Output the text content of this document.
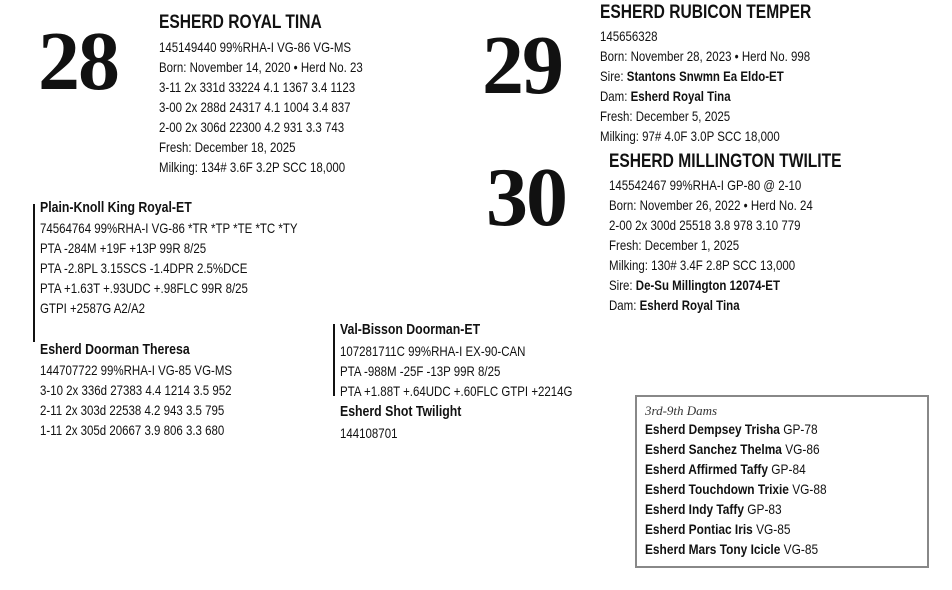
28 ESHERD ROYAL TINA
145149440 99%RHA-I VG-86 VG-MS
Born: November 14, 2020 • Herd No. 23
3-11 2x 331d 33224 4.1 1367 3.4 1123
3-00 2x 288d 24317 4.1 1004 3.4 837
2-00 2x 306d 22300 4.2 931 3.3 743
Fresh: December 18, 2025
Milking: 134# 3.6F 3.2P SCC 18,000
Plain-Knoll King Royal-ET
74564764 99%RHA-I VG-86 *TR *TP *TE *TC *TY
PTA -284M +19F +13P 99R 8/25
PTA -2.8PL 3.15SCS -1.4DPR 2.5%DCE
PTA +1.63T +.93UDC +.98FLC 99R 8/25
GTPI +2587G A2/A2
Esherd Doorman Theresa
144707722 99%RHA-I VG-85 VG-MS
3-10 2x 336d 27383 4.4 1214 3.5 952
2-11 2x 303d 22538 4.2 943 3.5 795
1-11 2x 305d 20667 3.9 806 3.3 680
Val-Bisson Doorman-ET
107281711C 99%RHA-I EX-90-CAN
PTA -988M -25F -13P 99R 8/25
PTA +1.88T +.64UDC +.60FLC GTPI +2214G
Esherd Shot Twilight
144108701
29
ESHERD RUBICON TEMPER
145656328
Born: November 28, 2023 • Herd No. 998
Sire: Stantons Snwmn Ea Eldo-ET
Dam: Esherd Royal Tina
Fresh: December 5, 2025
Milking: 97# 4.0F 3.0P SCC 18,000
30 ESHERD MILLINGTON TWILITE
145542467 99%RHA-I GP-80 @ 2-10
Born: November 26, 2022 • Herd No. 24
2-00 2x 300d 25518 3.8 978 3.10 779
Fresh: December 1, 2025
Milking: 130# 3.4F 2.8P SCC 13,000
Sire: De-Su Millington 12074-ET
Dam: Esherd Royal Tina
3rd-9th Dams
Esherd Dempsey Trisha GP-78
Esherd Sanchez Thelma VG-86
Esherd Affirmed Taffy GP-84
Esherd Touchdown Trixie VG-88
Esherd Indy Taffy GP-83
Esherd Pontiac Iris VG-85
Esherd Mars Tony Icicle VG-85
